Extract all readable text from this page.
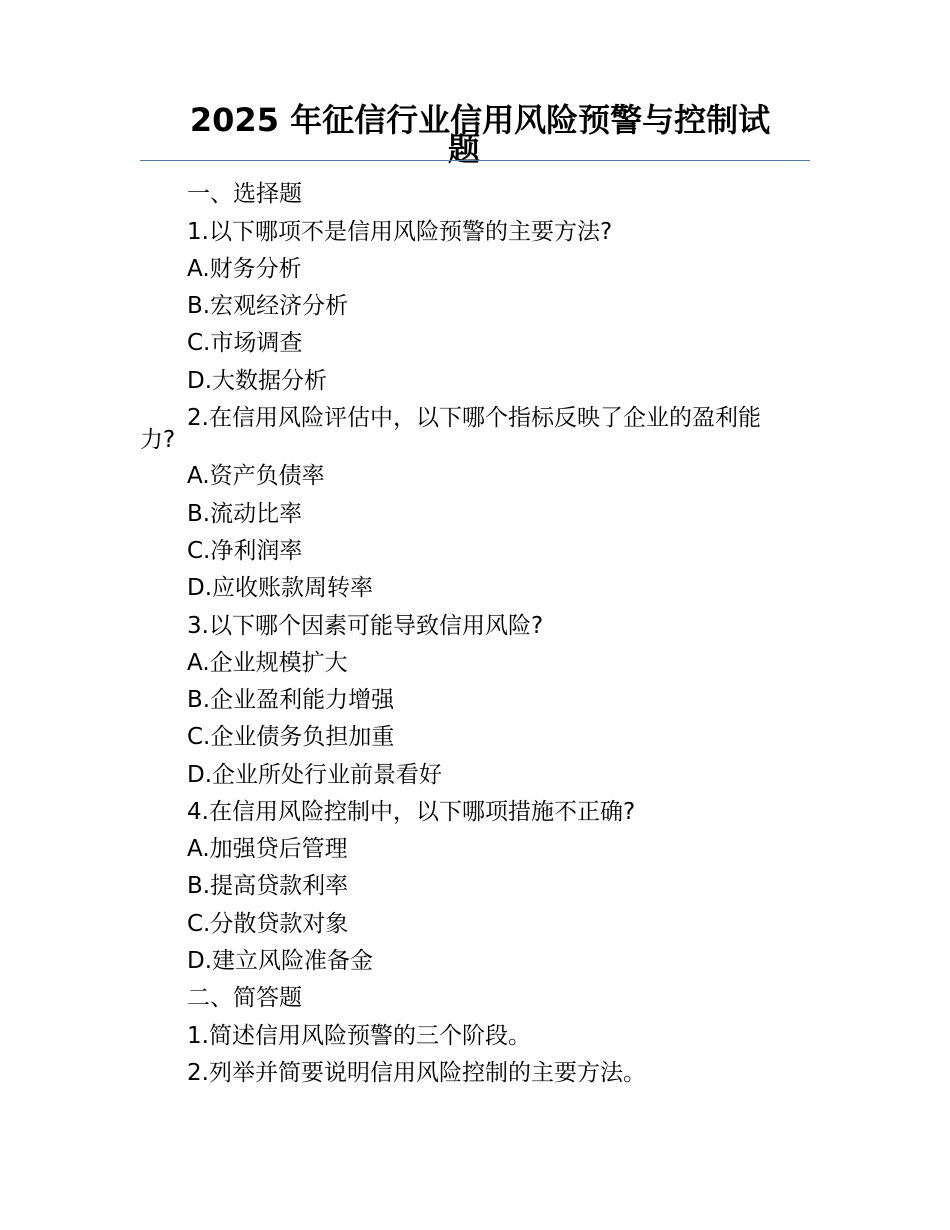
2025 年征信行业信用风险预警与控制试
题
一、选择题
1.以下哪项不是信用风险预警的主要方法?
A.财务分析
B.宏观经济分析
C.市场调查
D.大数据分析
2.在信用风险评估中，以下哪个指标反映了企业的盈利能
力?
A.资产负债率
B.流动比率
C.净利润率
D.应收账款周转率
3.以下哪个因素可能导致信用风险?
A.企业规模扩大
B.企业盈利能力增强
C.企业债务负担加重
D.企业所处行业前景看好
4.在信用风险控制中，以下哪项措施不正确?
A.加强贷后管理
B.提高贷款利率
C.分散贷款对象
D.建立风险准备金
二、简答题
1.简述信用风险预警的三个阶段。
2.列举并简要说明信用风险控制的主要方法。
